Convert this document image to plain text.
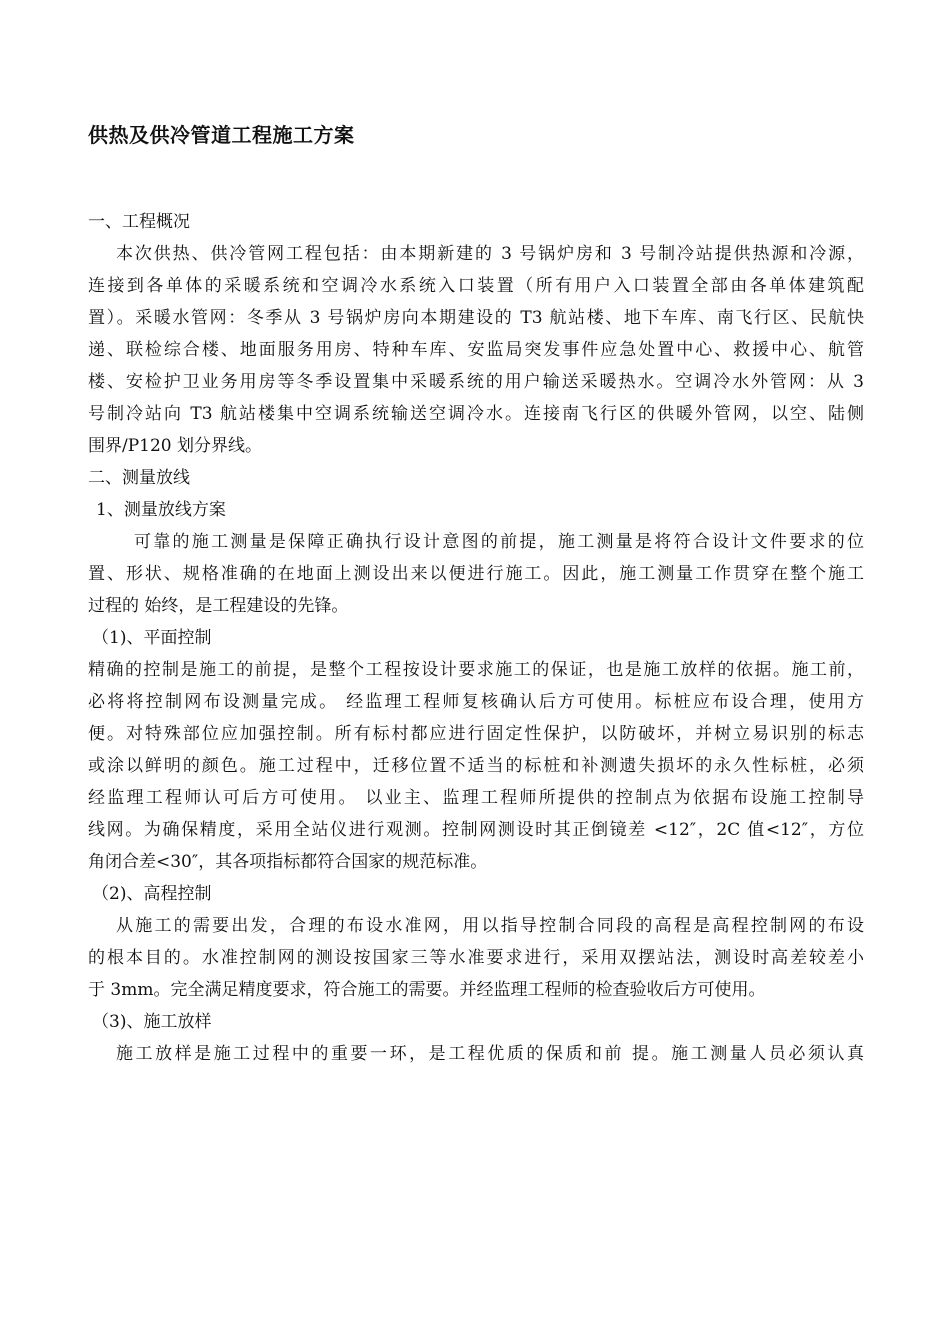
供热及供冷管道工程施工方案
一、工程概况
本次供热、供冷管网工程包括：由本期新建的 3 号锅炉房和 3 号制冷站提供热源和冷源，
连接到各单体的采暖系统和空调冷水系统入口装置（所有用户入口装置全部由各单体建筑配
置）。采暖水管网：冬季从 3 号锅炉房向本期建设的 T3 航站楼、地下车库、南飞行区、民航快
递、联检综合楼、地面服务用房、特种车库、安监局突发事件应急处置中心、救援中心、航管
楼、安检护卫业务用房等冬季设置集中采暖系统的用户输送采暖热水。空调冷水外管网：从 3
号制冷站向 T3 航站楼集中空调系统输送空调冷水。连接南飞行区的供暖外管网，以空、陆侧
围界/P120 划分界线。
二、测量放线
1、测量放线方案
可靠的施工测量是保障正确执行设计意图的前提，施工测量是将符合设计文件要求的位
置、形状、规格准确的在地面上测设出来以便进行施工。因此，施工测量工作贯穿在整个施工
过程的 始终，是工程建设的先锋。
（1)、平面控制
精确的控制是施工的前提，是整个工程按设计要求施工的保证，也是施工放样的依据。施工前，
必将将控制网布设测量完成。 经监理工程师复核确认后方可使用。标桩应布设合理，使用方
便。对特殊部位应加强控制。所有标村都应进行固定性保护，以防破坏，并树立易识别的标志
或涂以鲜明的颜色。施工过程中，迁移位置不适当的标桩和补测遗失损坏的永久性标桩，必须
经监理工程师认可后方可使用。 以业主、监理工程师所提供的控制点为依据布设施工控制导
线网。为确保精度，采用全站仪进行观测。控制网测设时其正倒镜差 <12″，2C 值<12″，方位
角闭合差<30″，其各项指标都符合国家的规范标准。
（2)、高程控制
从施工的需要出发，合理的布设水准网，用以指导控制合同段的高程是高程控制网的布设
的根本目的。水准控制网的测设按国家三等水准要求进行，采用双摆站法，测设时高差较差小
于 3mm。完全满足精度要求，符合施工的需要。并经监理工程师的检查验收后方可使用。
（3)、施工放样
施工放样是施工过程中的重要一环，是工程优质的保质和前 提。施工测量人员必须认真
